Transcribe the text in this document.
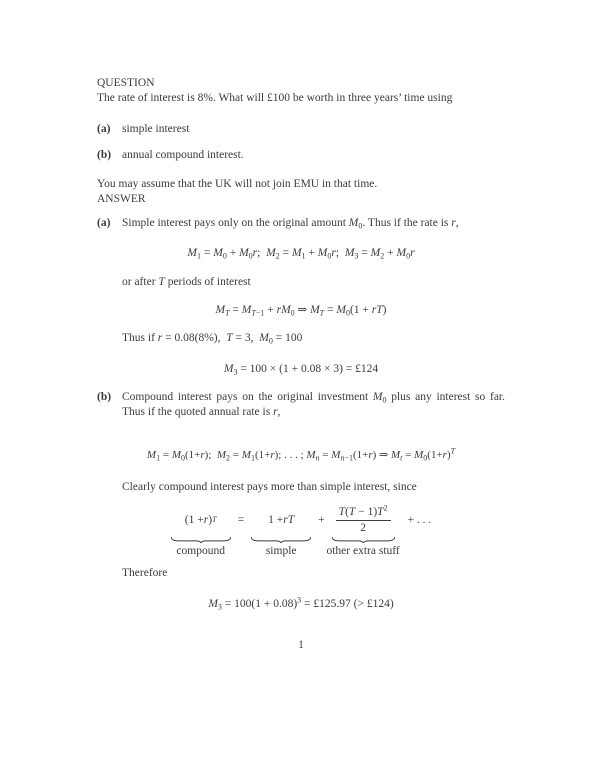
QUESTION
The rate of interest is 8%. What will £100 be worth in three years’ time using
(a)	simple interest
(b) annual compound interest.
You may assume that the UK will not join EMU in that time.
ANSWER
(a)	Simple interest pays only on the original amount $M_0$. Thus if the rate is r,
$M_1 = M_0 + M_0r$;  $M_2 = M_1 + M_0r$;  $M_3 = M_2 + M_0r$
or after T periods of interest
$M_T = M_{T-1} + rM_0$ ⇒ $M_T = M_0(1 + rT)$
Thus if r = 0.08(8%),  T = 3,  $M_0 = 100$
$M_3 = 100 \times (1 + 0.08 \times 3)$ = £124
(b) Compound interest pays on the original investment $M_0$ plus any interest so far. Thus if the quoted annual rate is r,
$M_1 = M_0(1+r)$;  $M_2 = M_1(1+r)$; . . . ; $M_n = M_{n-1}(1+r)$ ⇒ $M_t = M_0(1+r)^T$
Clearly compound interest pays more than simple interest, since
(1 + r ) T
compound
=	1 + rT
simple
+ $\frac{T(T - 1)T^2}{2}$
other extra stuff
+ . . .
Therefore
$M_3 = 100(1 + 0.08)^3$ = £125.97 (> £124)
1
